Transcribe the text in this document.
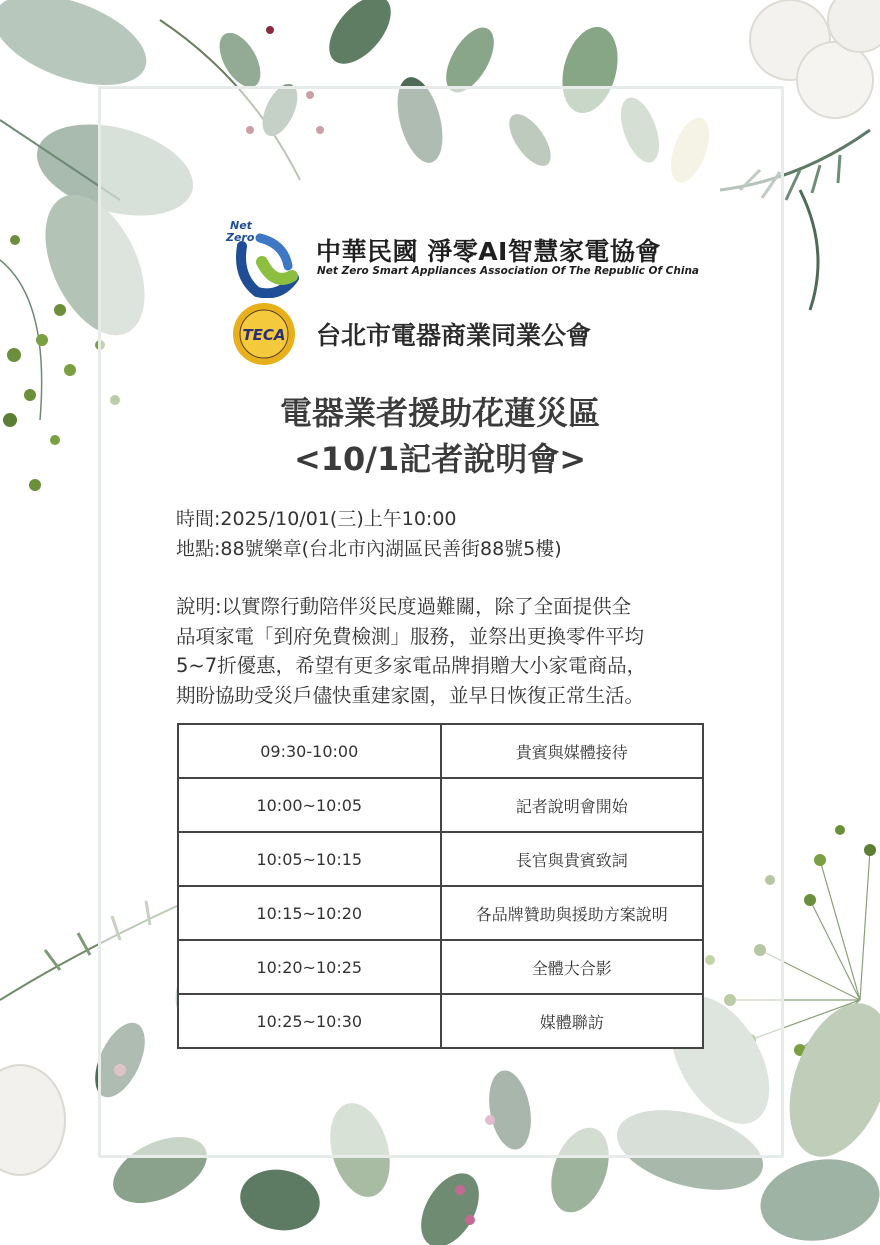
Net
Zero 中華民國 淨零AI智慧家電協會
Net Zero Smart Appliances Association Of The Republic Of China
TECA 台北市電器商業同業公會
電器業者援助花蓮災區
<10/1記者說明會>
時間:2025/10/01(三)上午10:00
地點:88號樂章(台北市內湖區民善街88號5樓)
說明:以實際行動陪伴災民度過難關，除了全面提供全
品項家電「到府免費檢測」服務，並祭出更換零件平均
5~7折優惠，希望有更多家電品牌捐贈大小家電商品，
期盼協助受災戶儘快重建家園，並早日恢復正常生活。
09:30-10:00	貴賓與媒體接待
10:00~10:05	記者說明會開始
10:05~10:15	長官與貴賓致詞
10:15~10:20	各品牌贊助與援助方案說明
10:20~10:25	全體大合影
10:25~10:30	媒體聯訪
